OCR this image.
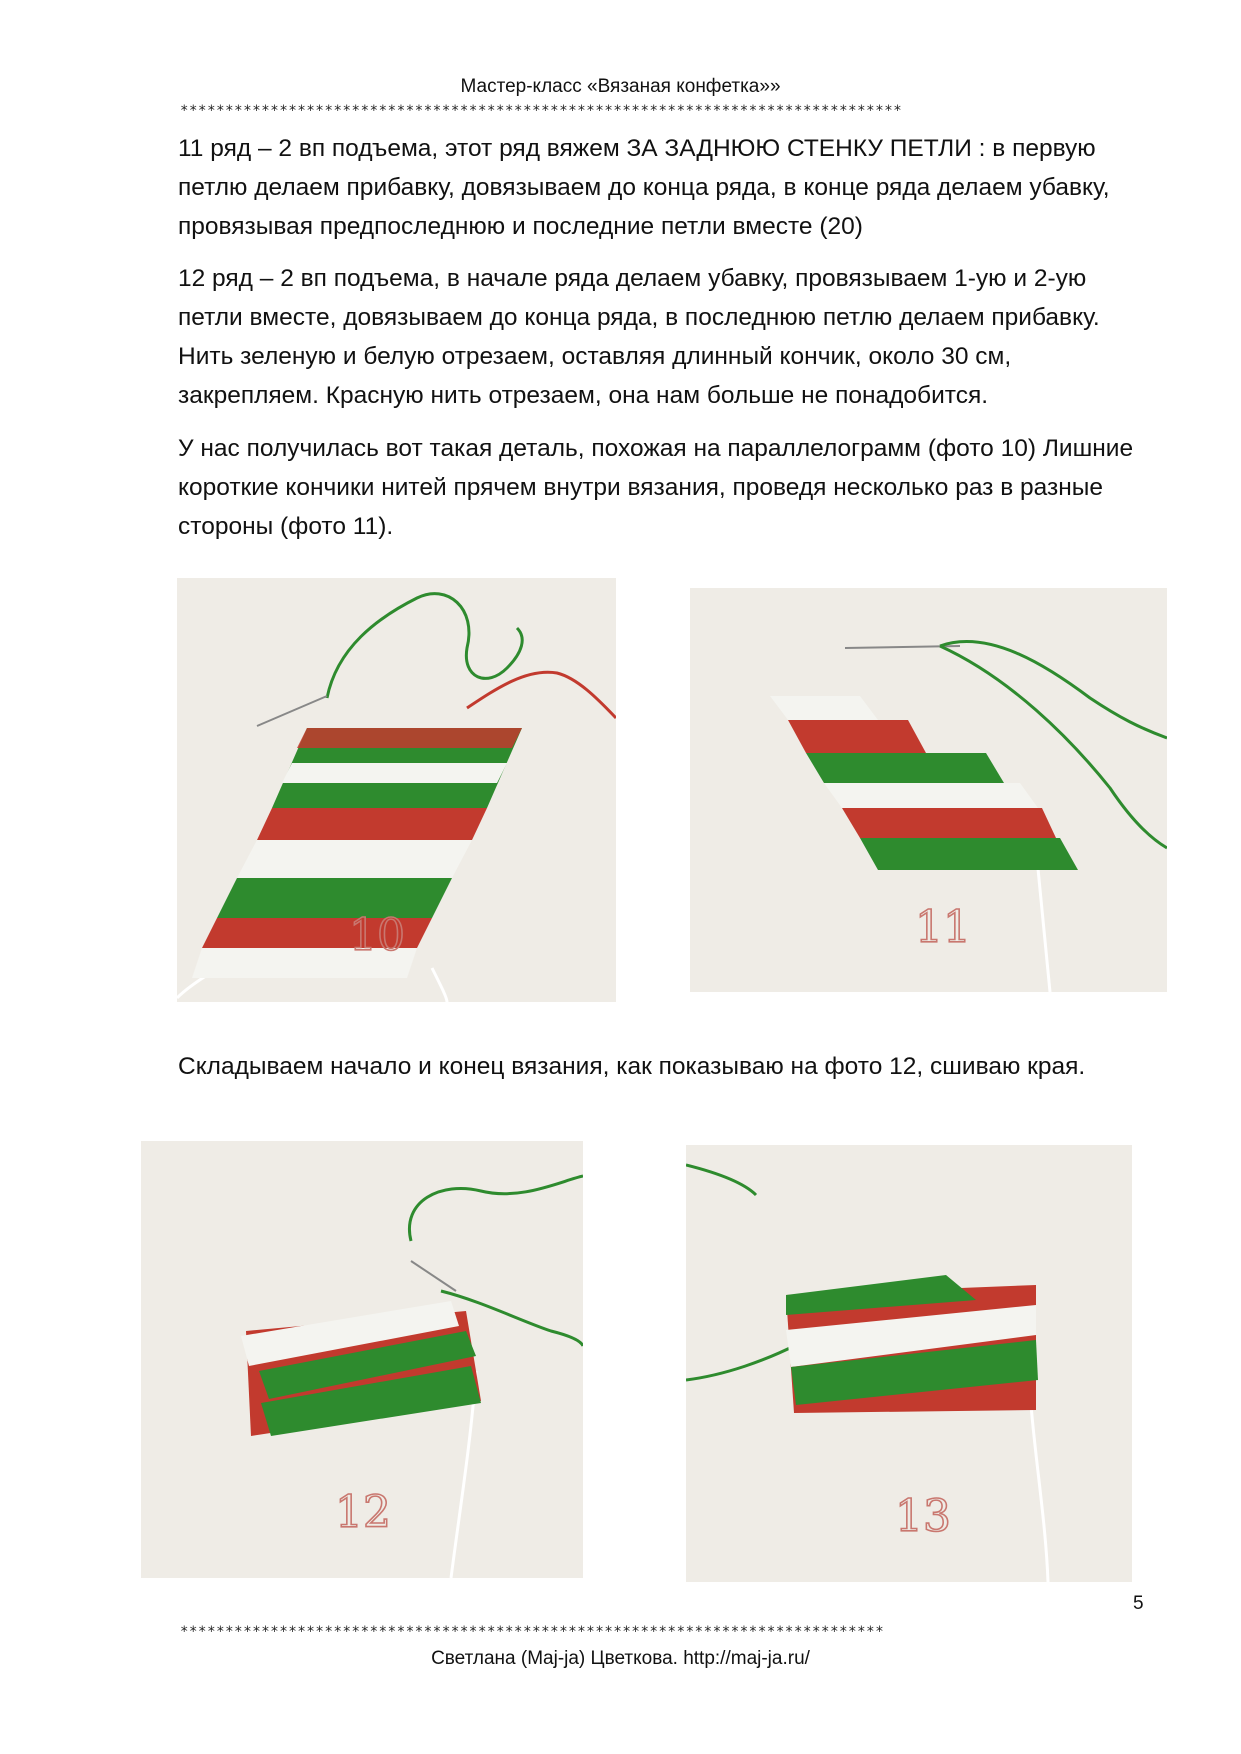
Мастер-класс «Вязаная конфетка»»
********************************************************************************

11 ряд – 2 вп подъема, этот ряд вяжем ЗА ЗАДНЮЮ СТЕНКУ ПЕТЛИ : в первую петлю делаем прибавку, довязываем до конца ряда, в конце ряда делаем убавку, провязывая предпоследнюю и последние петли вместе (20)

12 ряд – 2 вп подъема, в начале ряда делаем убавку, провязываем 1-ую и 2-ую петли вместе, довязываем до конца ряда, в последнюю петлю делаем прибавку. Нить зеленую и белую отрезаем, оставляя длинный кончик, около 30 см, закрепляем. Красную нить отрезаем, она нам больше не понадобится.

У нас получилась вот такая деталь, похожая на параллелограмм (фото 10) Лишние короткие кончики нитей прячем внутри вязания, проведя несколько раз в разные стороны (фото 11).

10	11

Складываем начало и конец вязания, как показываю на фото 12, сшиваю края.

12	13
5
******************************************************************************
Светлана (Maj-ja) Цветкова. http://maj-ja.ru/
